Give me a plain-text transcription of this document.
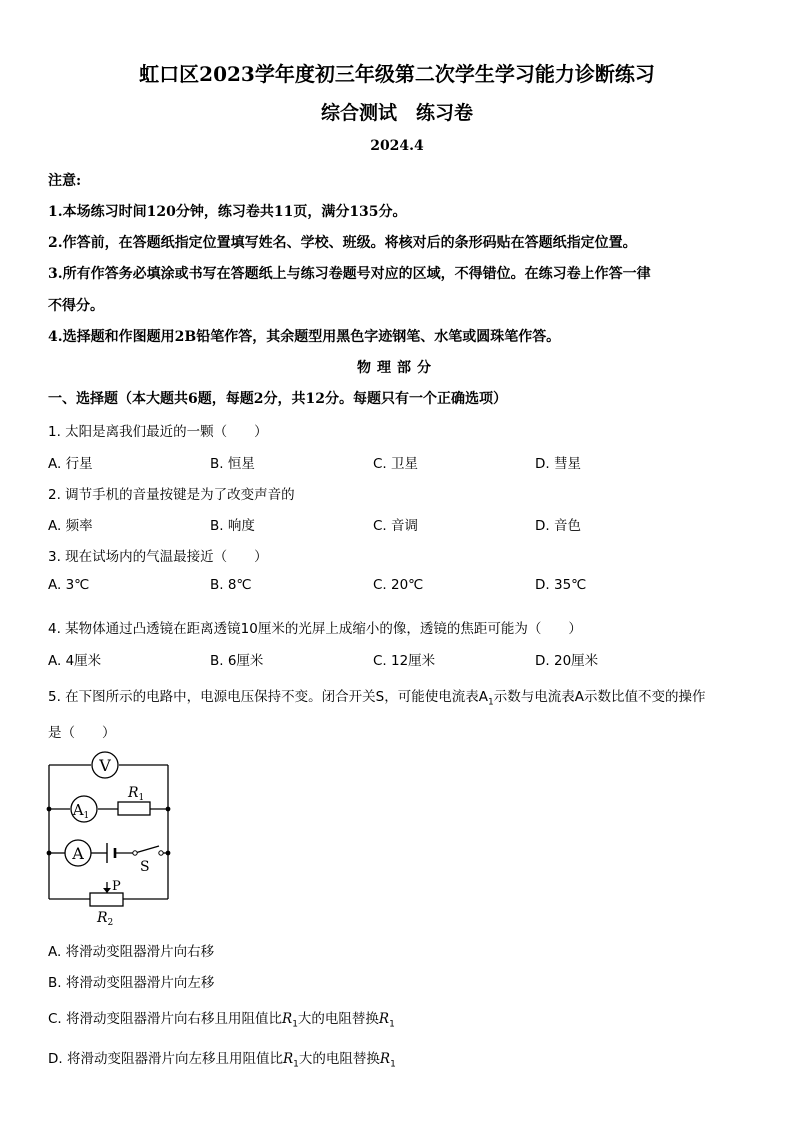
虹口区2023学年度初三年级第二次学生学习能力诊断练习
综合测试　练习卷
2024.4
注意:
1.本场练习时间120分钟，练习卷共11页，满分135分。
2.作答前，在答题纸指定位置填写姓名、学校、班级。将核对后的条形码贴在答题纸指定位置。
3.所有作答务必填涂或书写在答题纸上与练习卷题号对应的区域，不得错位。在练习卷上作答一律
不得分。
4.选择题和作图题用2B铅笔作答，其余题型用黑色字迹钢笔、水笔或圆珠笔作答。
物理部分
一、选择题（本大题共6题，每题2分，共12分。每题只有一个正确选项）
1. 太阳是离我们最近的一颗（　　）
A. 行星	B. 恒星	C. 卫星	D. 彗星
2. 调节手机的音量按键是为了改变声音的
A. 频率	B. 响度	C. 音调	D. 音色
3. 现在试场内的气温最接近（　　）
A. 3℃	B. 8℃	C. 20℃	D. 35℃
4. 某物体通过凸透镜在距离透镜10厘米的光屏上成缩小的像，透镜的焦距可能为（　　）
A. 4厘米	B. 6厘米	C. 12厘米	D. 20厘米
5. 在下图所示的电路中，电源电压保持不变。闭合开关S，可能使电流表$A_1$示数与电流表A示数比值不变的操作
是（　　）
V
$A_1$
$R_1$
A
S
P
$R_2$
A. 将滑动变阻器滑片向右移
B. 将滑动变阻器滑片向左移
C. 将滑动变阻器滑片向右移且用阻值比$R_1$大的电阻替换$R_1$
D. 将滑动变阻器滑片向左移且用阻值比$R_1$大的电阻替换$R_1$
